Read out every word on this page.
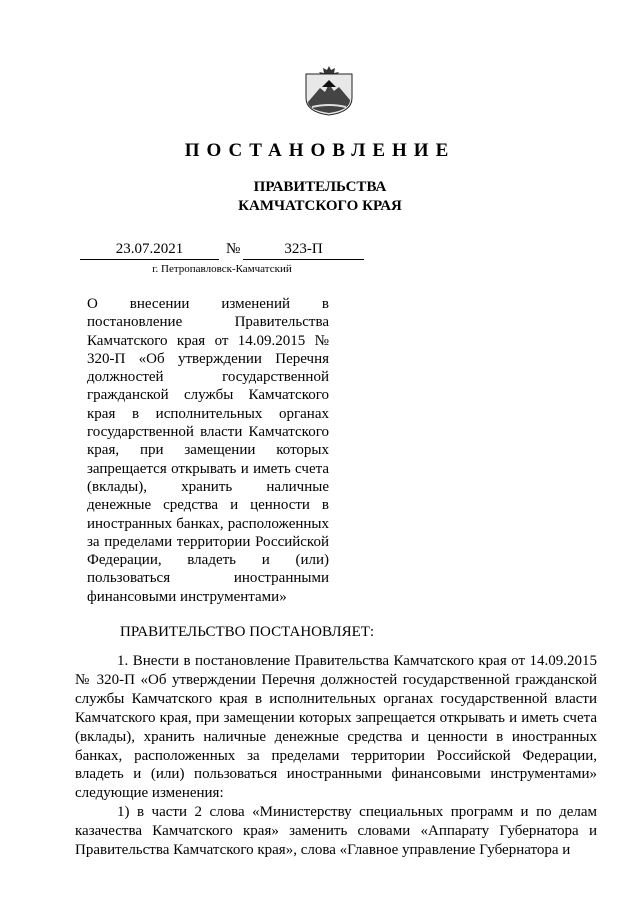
ПОСТАНОВЛЕНИЕ
ПРАВИТЕЛЬСТВА
КАМЧАТСКОГО КРАЯ
23.07.2021	№	323-П
г. Петропавловск-Камчатский
О внесении изменений в постановление Правительства Камчатского края от 14.09.2015 № 320-П «Об утверждении Перечня должностей государственной гражданской службы Камчатского края в исполнительных органах государственной власти Камчатского края, при замещении которых запрещается открывать и иметь счета (вклады), хранить наличные денежные средства и ценности в иностранных банках, расположенных за пределами территории Российской Федерации, владеть и (или) пользоваться иностранными финансовыми инструментами»
ПРАВИТЕЛЬСТВО ПОСТАНОВЛЯЕТ:

1. Внести в постановление Правительства Камчатского края от 14.09.2015 № 320-П «Об утверждении Перечня должностей государственной гражданской службы Камчатского края в исполнительных органах государственной власти Камчатского края, при замещении которых запрещается открывать и иметь счета (вклады), хранить наличные денежные средства и ценности в иностранных банках, расположенных за пределами территории Российской Федерации, владеть и (или) пользоваться иностранными финансовыми инструментами» следующие изменения:

1) в части 2 слова «Министерству специальных программ и по делам казачества Камчатского края» заменить словами «Аппарату Губернатора и Правительства Камчатского края», слова «Главное управление Губернатора и
